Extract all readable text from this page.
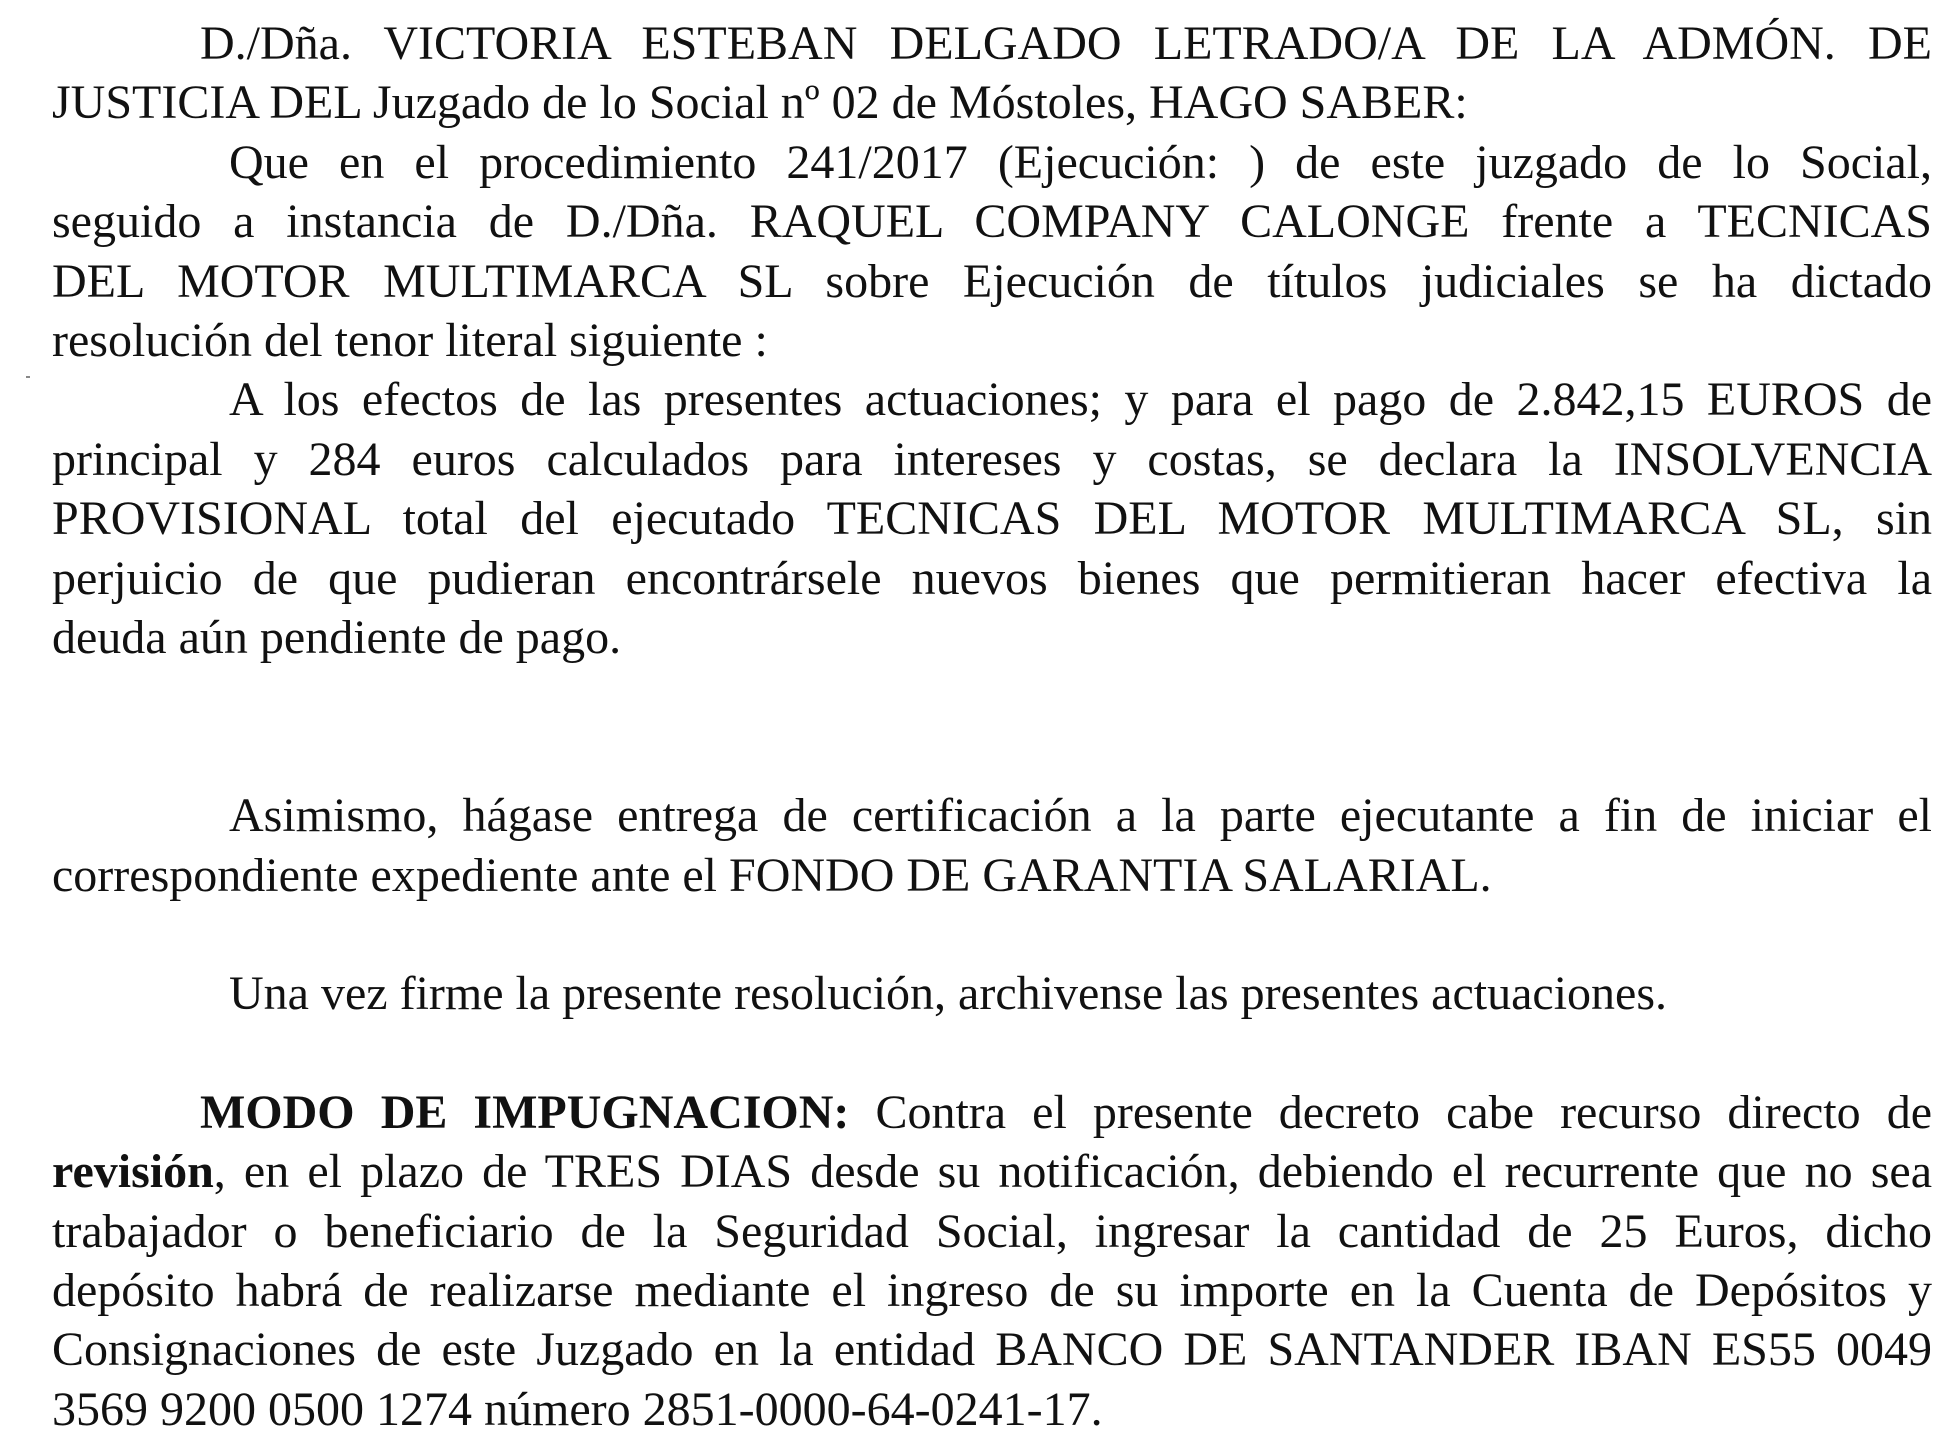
D./Dña. VICTORIA ESTEBAN DELGADO LETRADO/A DE LA ADMÓN. DE
JUSTICIA DEL Juzgado de lo Social nº 02 de Móstoles, HAGO SABER:
Que en el procedimiento 241/2017 (Ejecución: ) de este juzgado de lo Social,
seguido a instancia de D./Dña. RAQUEL COMPANY CALONGE frente a TECNICAS
DEL MOTOR MULTIMARCA SL sobre Ejecución de títulos judiciales se ha dictado
resolución del tenor literal siguiente :
A los efectos de las presentes actuaciones; y para el pago de 2.842,15 EUROS de
principal y 284 euros calculados para intereses y costas, se declara la INSOLVENCIA
PROVISIONAL total del ejecutado TECNICAS DEL MOTOR MULTIMARCA SL, sin
perjuicio de que pudieran encontrársele nuevos bienes que permitieran hacer efectiva la
deuda aún pendiente de pago.
Asimismo, hágase entrega de certificación a la parte ejecutante a fin de iniciar el
correspondiente expediente ante el FONDO DE GARANTIA SALARIAL.
Una vez firme la presente resolución, archivense las presentes actuaciones.
MODO DE IMPUGNACION: Contra el presente decreto cabe recurso directo de
revisión, en el plazo de TRES DIAS desde su notificación, debiendo el recurrente que no sea
trabajador o beneficiario de la Seguridad Social, ingresar la cantidad de 25 Euros, dicho
depósito habrá de realizarse mediante el ingreso de su importe en la Cuenta de Depósitos y
Consignaciones de este Juzgado en la entidad BANCO DE SANTANDER IBAN ES55 0049
3569 9200 0500 1274 número 2851-0000-64-0241-17.
